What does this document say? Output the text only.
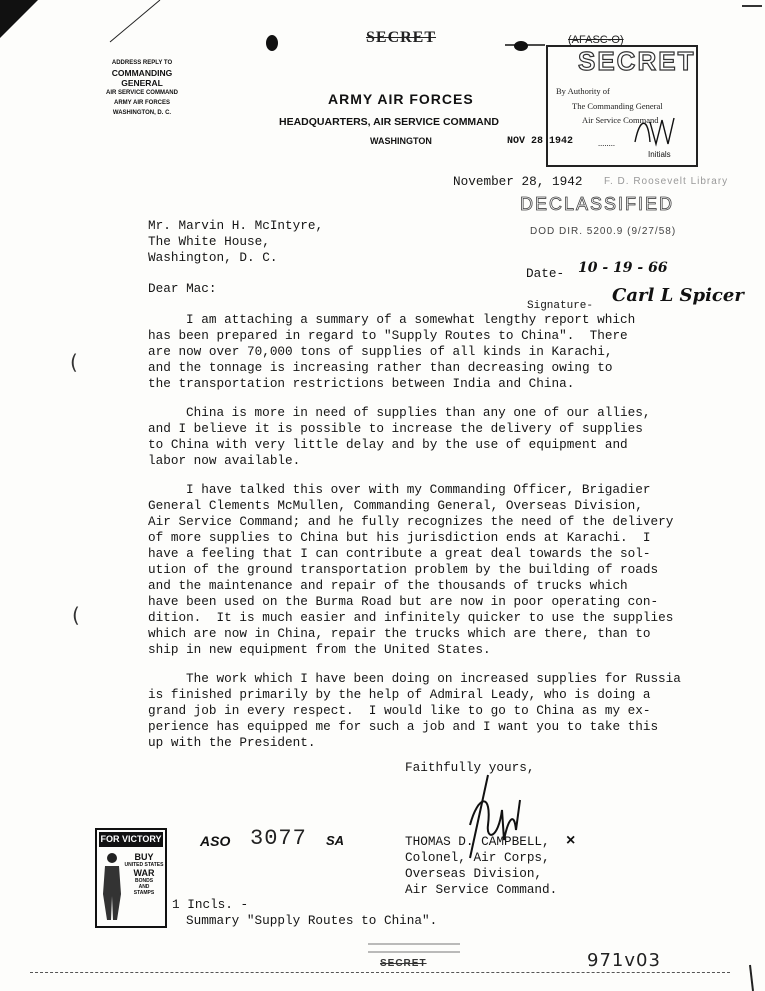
ADDRESS REPLY TO
COMMANDING GENERAL
AIR SERVICE COMMAND
ARMY AIR FORCES
WASHINGTON, D. C.
ARMY AIR FORCES
HEADQUARTERS, AIR SERVICE COMMAND
WASHINGTON
SECRET	(AFASC-O)
SECRET
By Authority of
The Commanding General
Air Service Command
NOV 28 1942	........
Initials
November 28, 1942 F. D. Roosevelt Library
DECLASSIFIED
DOD DIR. 5200.9 (9/27/58)
Date- 10 - 19 - 66
Signature- Carl L Spicer
Mr. Marvin H. McIntyre,
The White House,
Washington, D. C.
Dear Mac:
I am attaching a summary of a somewhat lengthy report which
has been prepared in regard to "Supply Routes to China".  There
are now over 70,000 tons of supplies of all kinds in Karachi,
and the tonnage is increasing rather than decreasing owing to
the transportation restrictions between India and China.
China is more in need of supplies than any one of our allies,
and I believe it is possible to increase the delivery of supplies
to China with very little delay and by the use of equipment and
labor now available.
I have talked this over with my Commanding Officer, Brigadier
General Clements McMullen, Commanding General, Overseas Division,
Air Service Command; and he fully recognizes the need of the delivery
of more supplies to China but his jurisdiction ends at Karachi.  I
have a feeling that I can contribute a great deal towards the sol-
ution of the ground transportation problem by the building of roads
and the maintenance and repair of the thousands of trucks which
have been used on the Burma Road but are now in poor operating con-
dition.  It is much easier and infinitely quicker to use the supplies
which are now in China, repair the trucks which are there, than to
ship in new equipment from the United States.
The work which I have been doing on increased supplies for Russia
is finished primarily by the help of Admiral Leady, who is doing a
grand job in every respect.  I would like to go to China as my ex-
perience has equipped me for such a job and I want you to take this
up with the President.
(
(
Faithfully yours,
THOMAS D. CAMPBELL,
Colonel, Air Corps,
Overseas Division,
Air Service Command.
×
ASO 3077 SA
FOR VICTORY
BUY
UNITED STATES
WAR
BONDS
AND
STAMPS
1 Incls. -
Summary "Supply Routes to China".
SECRET	971v03
